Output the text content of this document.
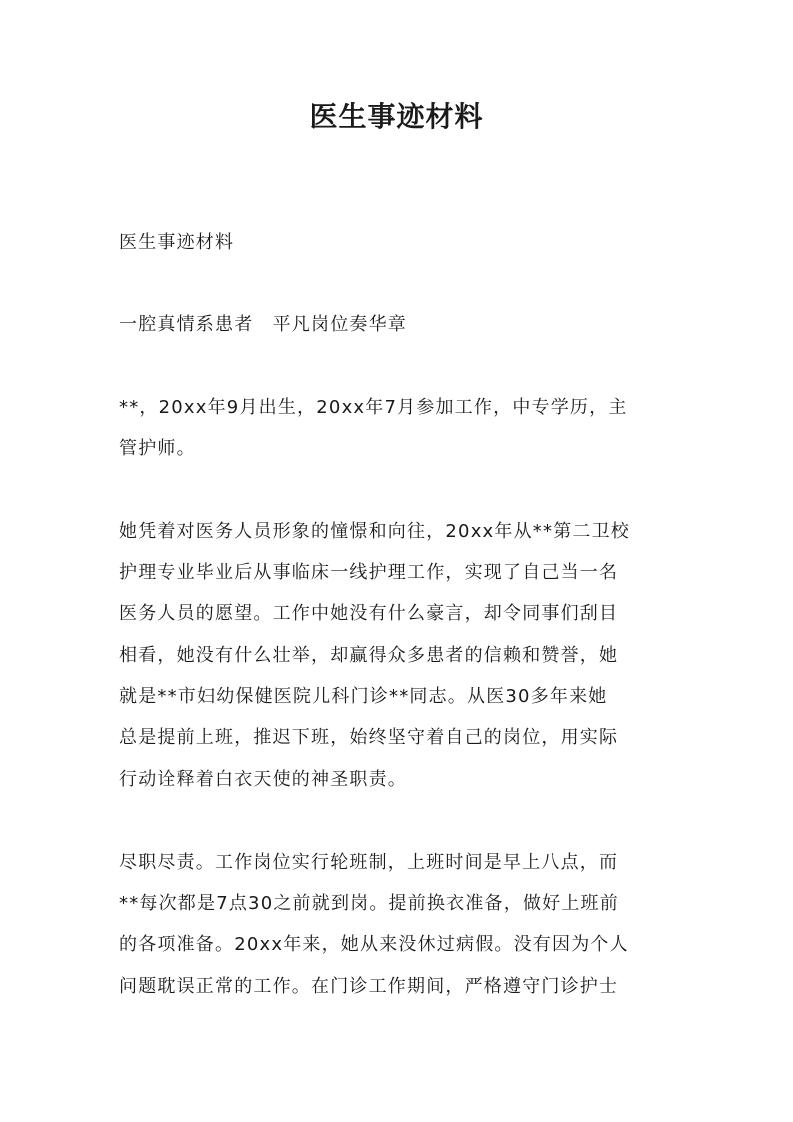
医生事迹材料

医生事迹材料

一腔真情系患者　平凡岗位奏华章

**，20xx年9月出生，20xx年7月参加工作，中专学历，主

管护师。

她凭着对医务人员形象的憧憬和向往，20xx年从**第二卫校

护理专业毕业后从事临床一线护理工作，实现了自己当一名

医务人员的愿望。工作中她没有什么豪言，却令同事们刮目

相看，她没有什么壮举，却赢得众多患者的信赖和赞誉，她

就是**市妇幼保健医院儿科门诊**同志。从医30多年来她

总是提前上班，推迟下班，始终坚守着自己的岗位，用实际

行动诠释着白衣天使的神圣职责。

尽职尽责。工作岗位实行轮班制，上班时间是早上八点，而

**每次都是7点30之前就到岗。提前换衣准备，做好上班前

的各项准备。20xx年来，她从来没休过病假。没有因为个人

问题耽误正常的工作。在门诊工作期间，严格遵守门诊护士
